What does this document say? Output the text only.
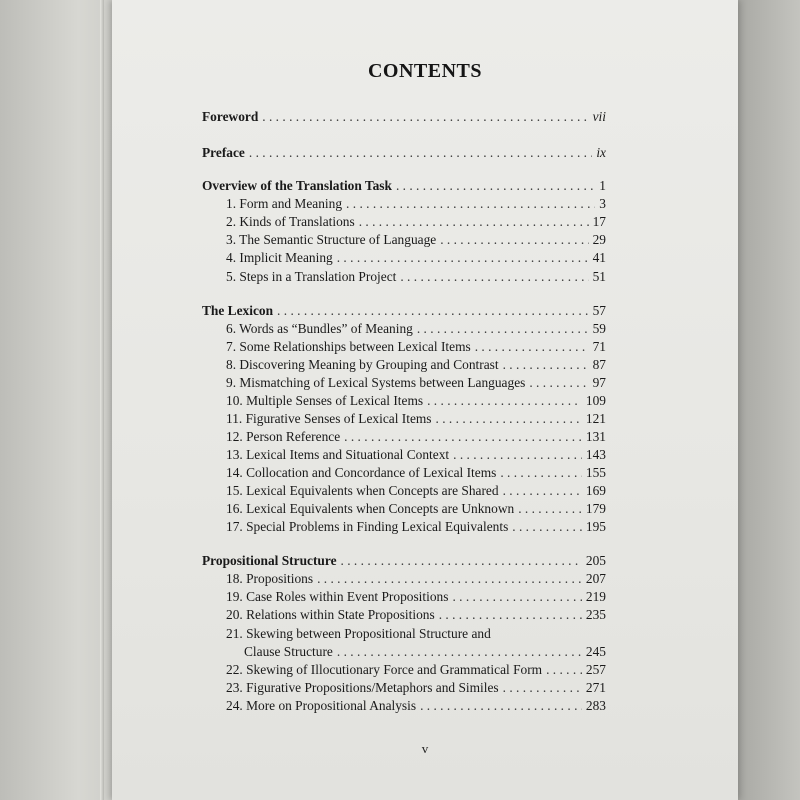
CONTENTS
Foreword . . .	vii
Preface . . .	ix
Overview of the Translation Task . . .	1
1. Form and Meaning . . .	3
2. Kinds of Translations . . .	17
3. The Semantic Structure of Language . . .	29
4. Implicit Meaning . . .	41
5. Steps in a Translation Project . . .	51
The Lexicon . . .	57
6. Words as “Bundles” of Meaning . . .	59
7. Some Relationships between Lexical Items . . .	71
8. Discovering Meaning by Grouping and Contrast . . .	87
9. Mismatching of Lexical Systems between Languages . . .	97
10. Multiple Senses of Lexical Items . . .	109
11. Figurative Senses of Lexical Items . . .	121
12. Person Reference . . .	131
13. Lexical Items and Situational Context . . .	143
14. Collocation and Concordance of Lexical Items . . .	155
15. Lexical Equivalents when Concepts are Shared . . .	169
16. Lexical Equivalents when Concepts are Unknown . . .	179
17. Special Problems in Finding Lexical Equivalents . . .	195
Propositional Structure . . .	205
18. Propositions . . .	207
19. Case Roles within Event Propositions . . .	219
20. Relations within State Propositions . . .	235
21. Skewing between Propositional Structure and
Clause Structure . . .	245
22. Skewing of Illocutionary Force and Grammatical Form . . .	257
23. Figurative Propositions/Metaphors and Similes . . .	271
24. More on Propositional Analysis . . .	283
v
